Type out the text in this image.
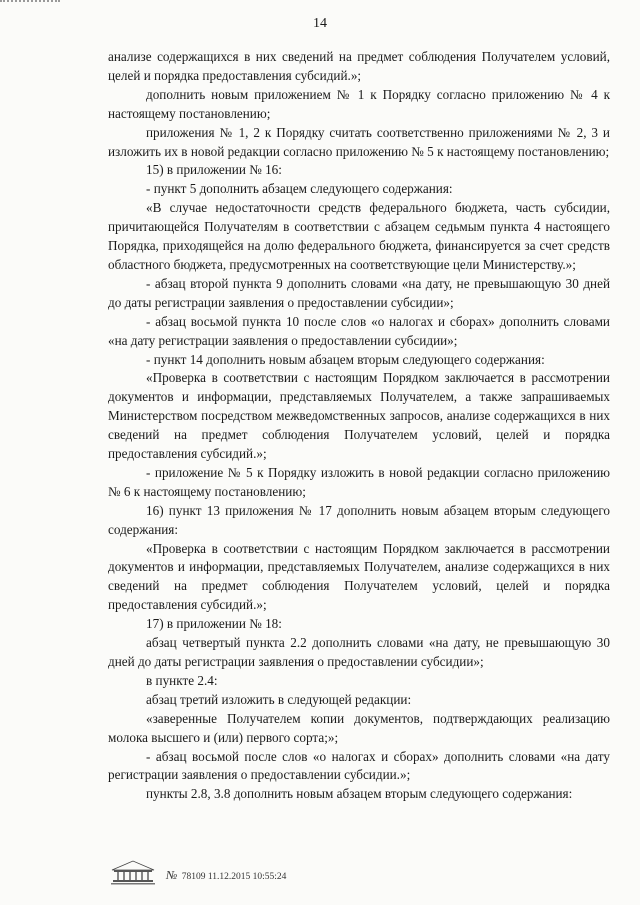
14

анализе содержащихся в них сведений на предмет соблюдения Получателем условий, целей и порядка предоставления субсидий.»;

дополнить новым приложением № 1 к Порядку согласно приложению № 4 к настоящему постановлению;

приложения № 1, 2 к Порядку считать соответственно приложениями № 2, 3 и изложить их в новой редакции согласно приложению № 5 к настоящему постановлению;

15) в приложении № 16:

- пункт 5 дополнить абзацем следующего содержания:

«В случае недостаточности средств федерального бюджета, часть субсидии, причитающейся Получателям в соответствии с абзацем седьмым пункта 4 настоящего Порядка, приходящейся на долю федерального бюджета, финансируется за счет средств областного бюджета, предусмотренных на соответствующие цели Министерству.»;

- абзац второй пункта 9 дополнить словами «на дату, не превышающую 30 дней до даты регистрации заявления о предоставлении субсидии»;

- абзац восьмой пункта 10 после слов «о налогах и сборах» дополнить словами «на дату регистрации заявления о предоставлении субсидии»;

- пункт 14 дополнить новым абзацем вторым следующего содержания:

«Проверка в соответствии с настоящим Порядком заключается в рассмотрении документов и информации, представляемых Получателем, а также запрашиваемых Министерством посредством межведомственных запросов, анализе содержащихся в них сведений на предмет соблюдения Получателем условий, целей и порядка предоставления субсидий.»;

- приложение № 5 к Порядку изложить в новой редакции согласно приложению № 6 к настоящему постановлению;

16) пункт 13 приложения № 17 дополнить новым абзацем вторым следующего содержания:

«Проверка в соответствии с настоящим Порядком заключается в рассмотрении документов и информации, представляемых Получателем, анализе содержащихся в них сведений на предмет соблюдения Получателем условий, целей и порядка предоставления субсидий.»;

17) в приложении № 18:

абзац четвертый пункта 2.2 дополнить словами «на дату, не превышающую 30 дней до даты регистрации заявления о предоставлении субсидии»;

в пункте 2.4:

абзац третий изложить в следующей редакции:

«заверенные Получателем копии документов, подтверждающих реализацию молока высшего и (или) первого сорта;»;

- абзац восьмой после слов «о налогах и сборах» дополнить словами «на дату регистрации заявления о предоставлении субсидии.»;

пункты 2.8, 3.8 дополнить новым абзацем вторым следующего содержания:

№ 78109 11.12.2015 10:55:24
